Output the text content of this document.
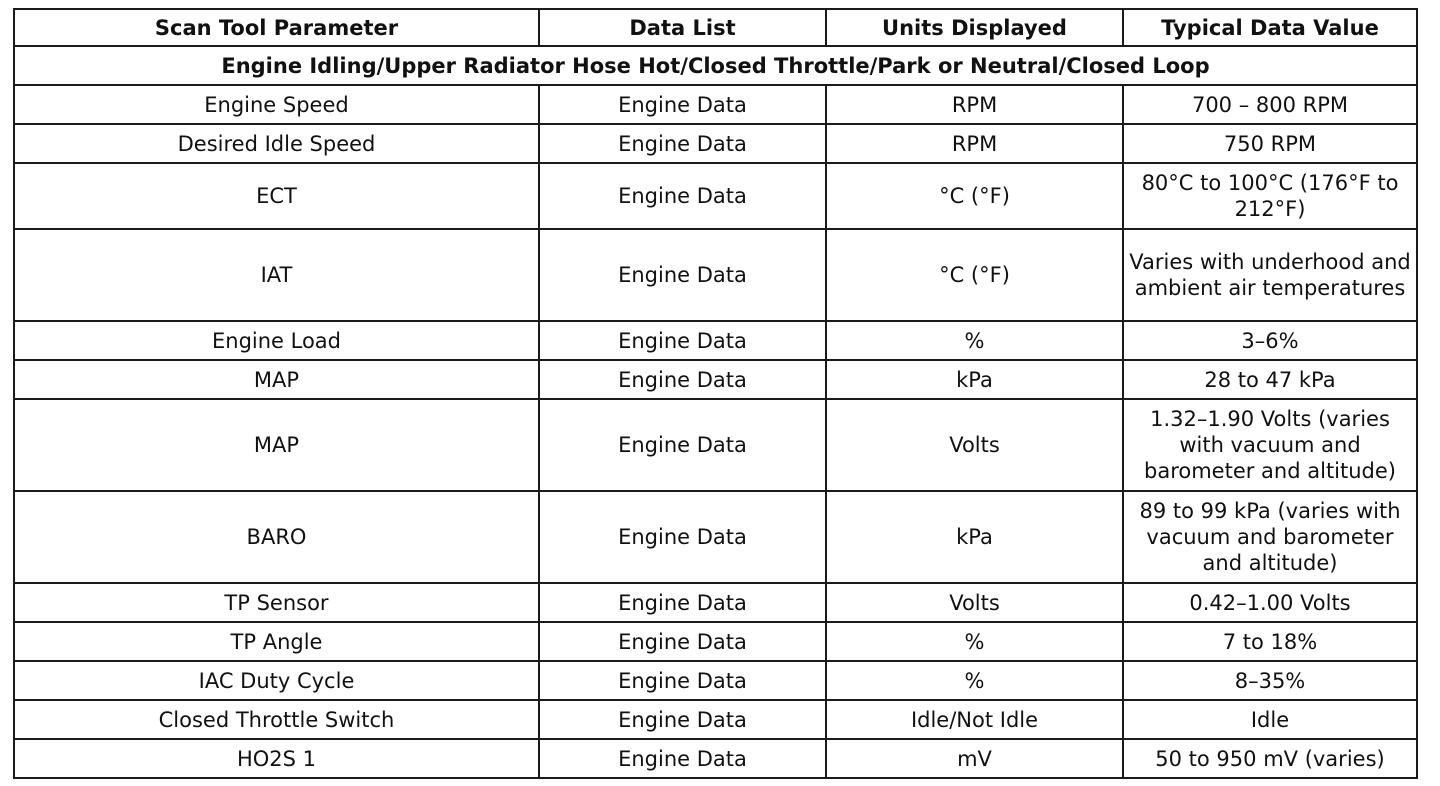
Scan Tool Parameter	Data List	Units Displayed	Typical Data Value
Engine Idling/Upper Radiator Hose Hot/Closed Throttle/Park or Neutral/Closed Loop			
Engine Speed	Engine Data	RPM	700 – 800 RPM
Desired Idle Speed	Engine Data	RPM	750 RPM
ECT	Engine Data	°C (°F)	80°C to 100°C (176°F to 212°F)
IAT	Engine Data	°C (°F)	Varies with underhood and ambient air temperatures
Engine Load	Engine Data	%	3–6%
MAP	Engine Data	kPa	28 to 47 kPa
MAP	Engine Data	Volts	1.32–1.90 Volts (varies with vacuum and barometer and altitude)
BARO	Engine Data	kPa	89 to 99 kPa (varies with vacuum and barometer and altitude)
TP Sensor	Engine Data	Volts	0.42–1.00 Volts
TP Angle	Engine Data	%	7 to 18%
IAC Duty Cycle	Engine Data	%	8–35%
Closed Throttle Switch	Engine Data	Idle/Not Idle	Idle
HO2S 1	Engine Data	mV	50 to 950 mV (varies)
